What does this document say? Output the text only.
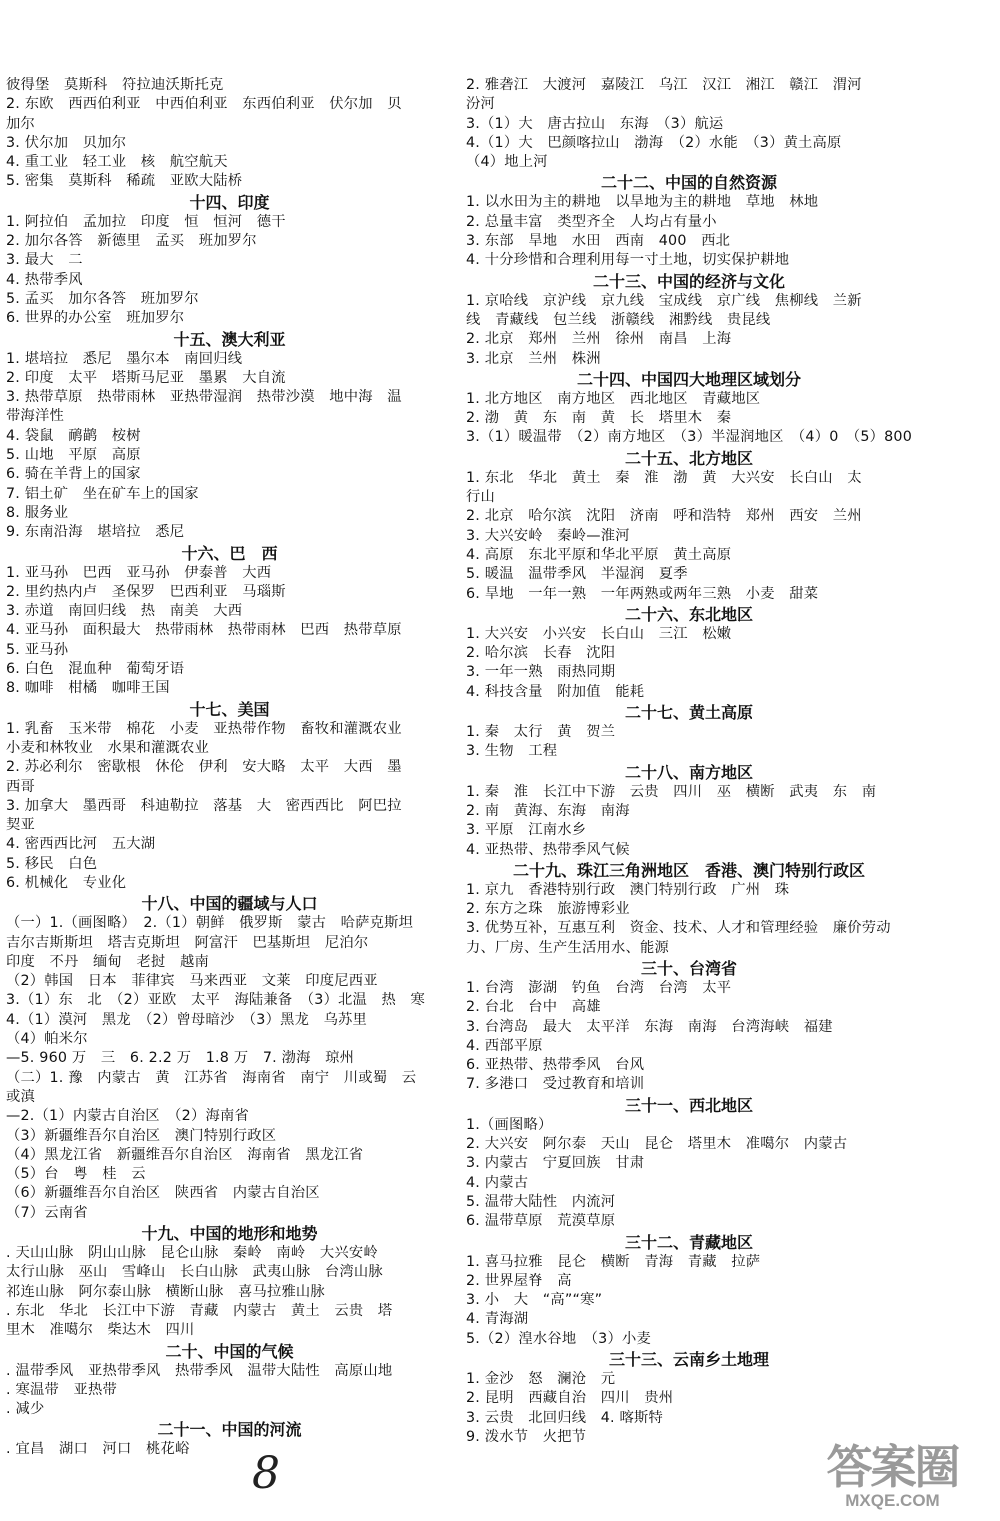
彼得堡　莫斯科　符拉迪沃斯托克
2. 东欧　西西伯利亚　中西伯利亚　东西伯利亚　伏尔加　贝
加尔
3. 伏尔加　贝加尔
4. 重工业　轻工业　核　航空航天
5. 密集　莫斯科　稀疏　亚欧大陆桥
十四、印度
1. 阿拉伯　孟加拉　印度　恒　恒河　德干
2. 加尔各答　新德里　孟买　班加罗尔
3. 最大　二
4. 热带季风
5. 孟买　加尔各答　班加罗尔
6. 世界的办公室　班加罗尔
十五、澳大利亚
1. 堪培拉　悉尼　墨尔本　南回归线
2. 印度　太平　塔斯马尼亚　墨累　大自流
3. 热带草原　热带雨林　亚热带湿润　热带沙漠　地中海　温
带海洋性
4. 袋鼠　鸸鹋　桉树
5. 山地　平原　高原
6. 骑在羊背上的国家
7. 铝土矿　坐在矿车上的国家
8. 服务业
9. 东南沿海　堪培拉　悉尼
十六、巴　西
1. 亚马孙　巴西　亚马孙　伊泰普　大西
2. 里约热内卢　圣保罗　巴西利亚　马瑙斯
3. 赤道　南回归线　热　南美　大西
4. 亚马孙　面积最大　热带雨林　热带雨林　巴西　热带草原
5. 亚马孙
6. 白色　混血种　葡萄牙语
8. 咖啡　柑橘　咖啡王国
十七、美国
1. 乳畜　玉米带　棉花　小麦　亚热带作物　畜牧和灌溉农业
小麦和林牧业　水果和灌溉农业
2. 苏必利尔　密歇根　休伦　伊利　安大略　太平　大西　墨
西哥
3. 加拿大　墨西哥　科迪勒拉　落基　大　密西西比　阿巴拉
契亚
4. 密西西比河　五大湖
5. 移民　白色
6. 机械化　专业化
十八、中国的疆域与人口
（一）1.（画图略）　2.（1）朝鲜　俄罗斯　蒙古　哈萨克斯坦
吉尔吉斯斯坦　塔吉克斯坦　阿富汗　巴基斯坦　尼泊尔
印度　不丹　缅甸　老挝　越南
（2）韩国　日本　菲律宾　马来西亚　文莱　印度尼西亚
3.（1）东　北　（2）亚欧　太平　海陆兼备　（3）北温　热　寒
4.（1）漠河　黑龙　（2）曾母暗沙　（3）黑龙　乌苏里
（4）帕米尔
—5. 960 万　三　6. 2.2 万　1.8 万　7. 渤海　琼州
（二）1. 豫　内蒙古　黄　江苏省　海南省　南宁　川或蜀　云
或滇
—2.（1）内蒙古自治区　（2）海南省
（3）新疆维吾尔自治区　澳门特别行政区
（4）黑龙江省　新疆维吾尔自治区　海南省　黑龙江省
（5）台　粤　桂　云
（6）新疆维吾尔自治区　陕西省　内蒙古自治区
（7）云南省
十九、中国的地形和地势
. 天山山脉　阴山山脉　昆仑山脉　秦岭　南岭　大兴安岭
太行山脉　巫山　雪峰山　长白山脉　武夷山脉　台湾山脉
祁连山脉　阿尔泰山脉　横断山脉　喜马拉雅山脉
. 东北　华北　长江中下游　青藏　内蒙古　黄土　云贵　塔
里木　准噶尔　柴达木　四川
二十、中国的气候
. 温带季风　亚热带季风　热带季风　温带大陆性　高原山地
. 寒温带　亚热带
. 减少
二十一、中国的河流
. 宜昌　湖口　河口　桃花峪
2. 雅砻江　大渡河　嘉陵江　乌江　汉江　湘江　赣江　渭河
汾河
3.（1）大　唐古拉山　东海　（3）航运
4.（1）大　巴颜喀拉山　渤海　（2）水能　（3）黄土高原
（4）地上河
二十二、中国的自然资源
1. 以水田为主的耕地　以旱地为主的耕地　草地　林地
2. 总量丰富　类型齐全　人均占有量小
3. 东部　旱地　水田　西南　400　西北
4. 十分珍惜和合理利用每一寸土地，切实保护耕地
二十三、中国的经济与文化
1. 京哈线　京沪线　京九线　宝成线　京广线　焦柳线　兰新
线　青藏线　包兰线　浙赣线　湘黔线　贵昆线
2. 北京　郑州　兰州　徐州　南昌　上海
3. 北京　兰州　株洲
二十四、中国四大地理区域划分
1. 北方地区　南方地区　西北地区　青藏地区
2. 渤　黄　东　南　黄　长　塔里木　秦
3.（1）暖温带　（2）南方地区　（3）半湿润地区　（4）0　（5）800
二十五、北方地区
1. 东北　华北　黄土　秦　淮　渤　黄　大兴安　长白山　太
行山
2. 北京　哈尔滨　沈阳　济南　呼和浩特　郑州　西安　兰州
3. 大兴安岭　秦岭—淮河
4. 高原　东北平原和华北平原　黄土高原
5. 暖温　温带季风　半湿润　夏季
6. 旱地　一年一熟　一年两熟或两年三熟　小麦　甜菜
二十六、东北地区
1. 大兴安　小兴安　长白山　三江　松嫩
2. 哈尔滨　长春　沈阳
3. 一年一熟　雨热同期
4. 科技含量　附加值　能耗
二十七、黄土高原
1. 秦　太行　黄　贺兰
3. 生物　工程
二十八、南方地区
1. 秦　淮　长江中下游　云贵　四川　巫　横断　武夷　东　南
2. 南　黄海、东海　南海
3. 平原　江南水乡
4. 亚热带、热带季风气候
二十九、珠江三角洲地区　香港、澳门特别行政区
1. 京九　香港特别行政　澳门特别行政　广州　珠
2. 东方之珠　旅游博彩业
3. 优势互补，互惠互利　资金、技术、人才和管理经验　廉价劳动
力、厂房、生产生活用水、能源
三十、台湾省
1. 台湾　澎湖　钓鱼　台湾　台湾　太平
2. 台北　台中　高雄
3. 台湾岛　最大　太平洋　东海　南海　台湾海峡　福建
4. 西部平原
6. 亚热带、热带季风　台风
7. 多港口　受过教育和培训
三十一、西北地区
1.（画图略）
2. 大兴安　阿尔泰　天山　昆仑　塔里木　准噶尔　内蒙古
3. 内蒙古　宁夏回族　甘肃
4. 内蒙古
5. 温带大陆性　内流河
6. 温带草原　荒漠草原
三十二、青藏地区
1. 喜马拉雅　昆仑　横断　青海　青藏　拉萨
2. 世界屋脊　高
3. 小　大　“高”“寒”
4. 青海湖
5.（2）湟水谷地　（3）小麦
三十三、云南乡土地理
1. 金沙　怒　澜沧　元
2. 昆明　西藏自治　四川　贵州
3. 云贵　北回归线　4. 喀斯特
9. 泼水节　火把节
8	答案圈
MXQE.COM
